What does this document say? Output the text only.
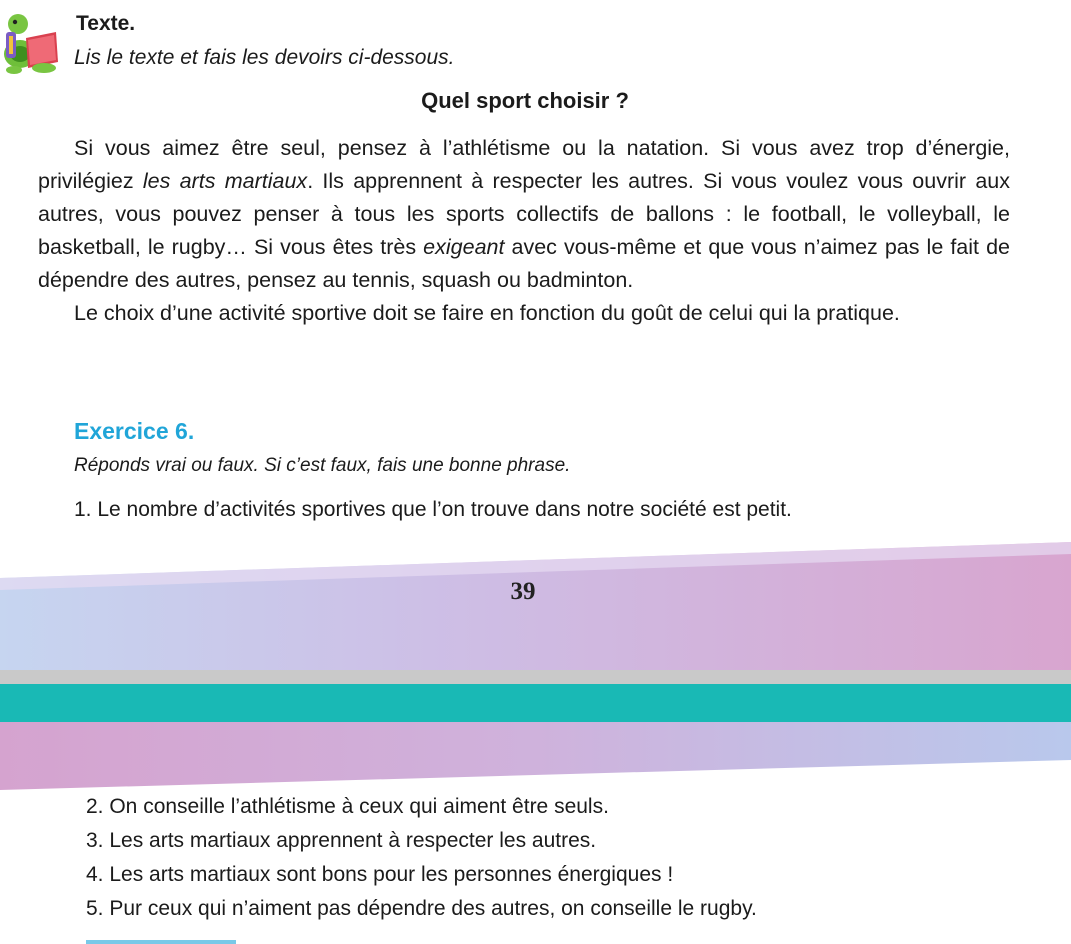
Texte.
Lis le texte et fais les devoirs ci-dessous.
Quel sport choisir ?

Si vous aimez être seul, pensez à l’athlétisme ou la natation. Si vous avez trop d’énergie, privilégiez les arts martiaux. Ils apprennent à respecter les autres. Si vous voulez vous ouvrir aux autres, vous pouvez penser à tous les sports collectifs de ballons : le football, le volleyball, le basketball, le rugby… Si vous êtes très exigeant avec vous-même et que vous n’aimez pas le fait de dépendre des autres, pensez au tennis, squash ou badminton.

Le choix d’une activité sportive doit se faire en fonction du goût de celui qui la pratique.

Exercice 6.
Réponds vrai ou faux. Si c’est faux, fais une bonne phrase.
1. Le nombre d’activités sportives que l’on trouve dans notre société est petit.
39
2. On conseille l’athlétisme à ceux qui aiment être seuls.
3. Les arts martiaux apprennent à respecter les autres.
4. Les arts martiaux sont bons pour les personnes énergiques !
5. Pur ceux qui n’aiment pas dépendre des autres, on conseille le rugby.
